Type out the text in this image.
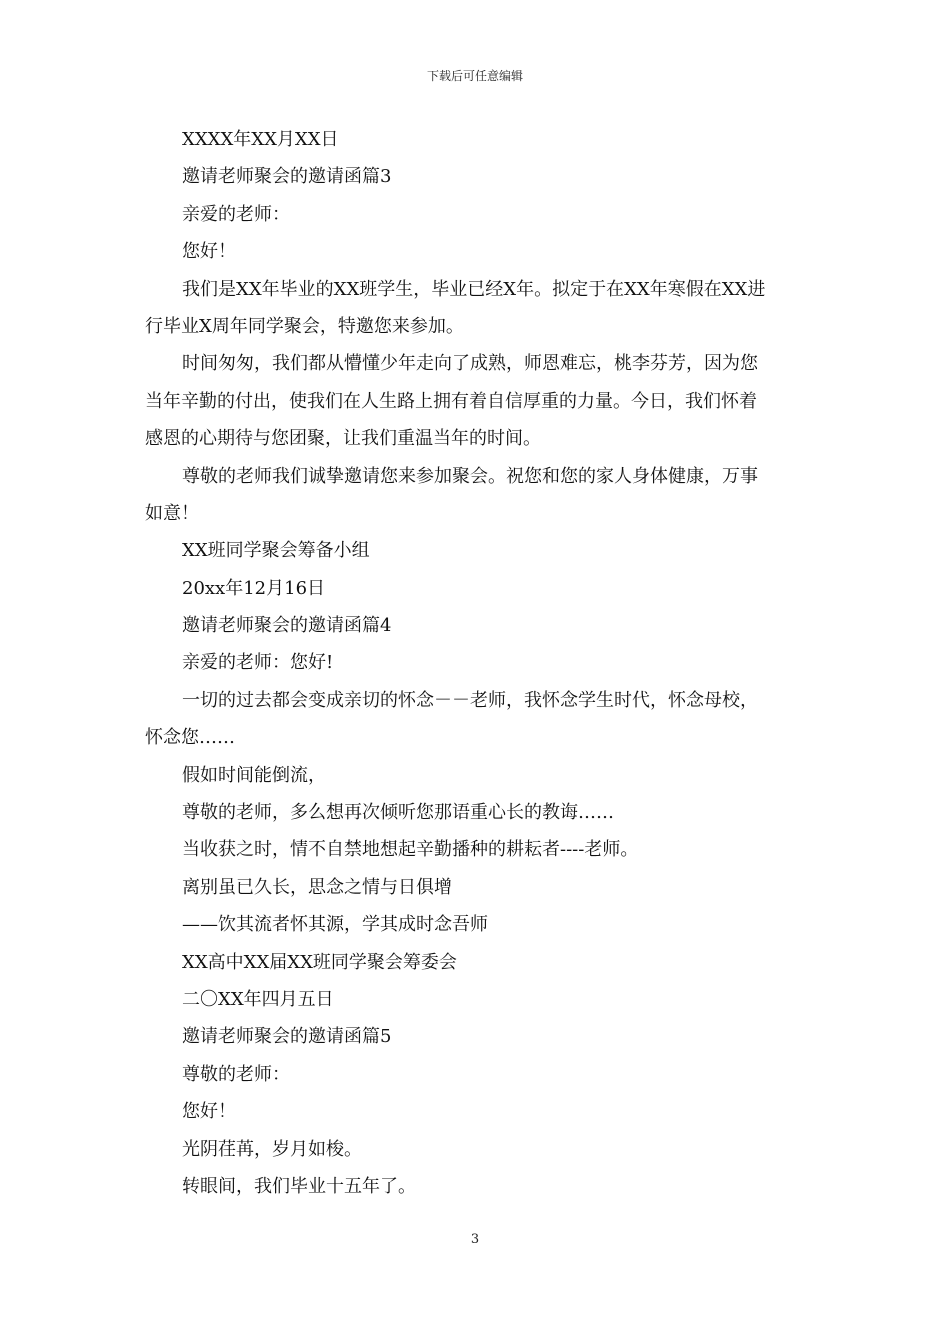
下载后可任意编辑
XXXX年XX月XX日
邀请老师聚会的邀请函篇3
亲爱的老师：
您好！
我们是XX年毕业的XX班学生，毕业已经X年。拟定于在XX年寒假在XX进
行毕业X周年同学聚会，特邀您来参加。
时间匆匆，我们都从懵懂少年走向了成熟，师恩难忘，桃李芬芳，因为您
当年辛勤的付出，使我们在人生路上拥有着自信厚重的力量。今日，我们怀着
感恩的心期待与您团聚，让我们重温当年的时间。
尊敬的老师我们诚挚邀请您来参加聚会。祝您和您的家人身体健康，万事
如意！
XX班同学聚会筹备小组
20xx年12月16日
邀请老师聚会的邀请函篇4
亲爱的老师：您好!
一切的过去都会变成亲切的怀念－－老师，我怀念学生时代，怀念母校，
怀念您……
假如时间能倒流，
尊敬的老师，多么想再次倾听您那语重心长的教诲……
当收获之时，情不自禁地想起辛勤播种的耕耘者----老师。
离别虽已久长，思念之情与日俱增
——饮其流者怀其源，学其成时念吾师
XX高中XX届XX班同学聚会筹委会
二〇XX年四月五日
邀请老师聚会的邀请函篇5
尊敬的老师：
您好！
光阴荏苒，岁月如梭。
转眼间，我们毕业十五年了。
3
